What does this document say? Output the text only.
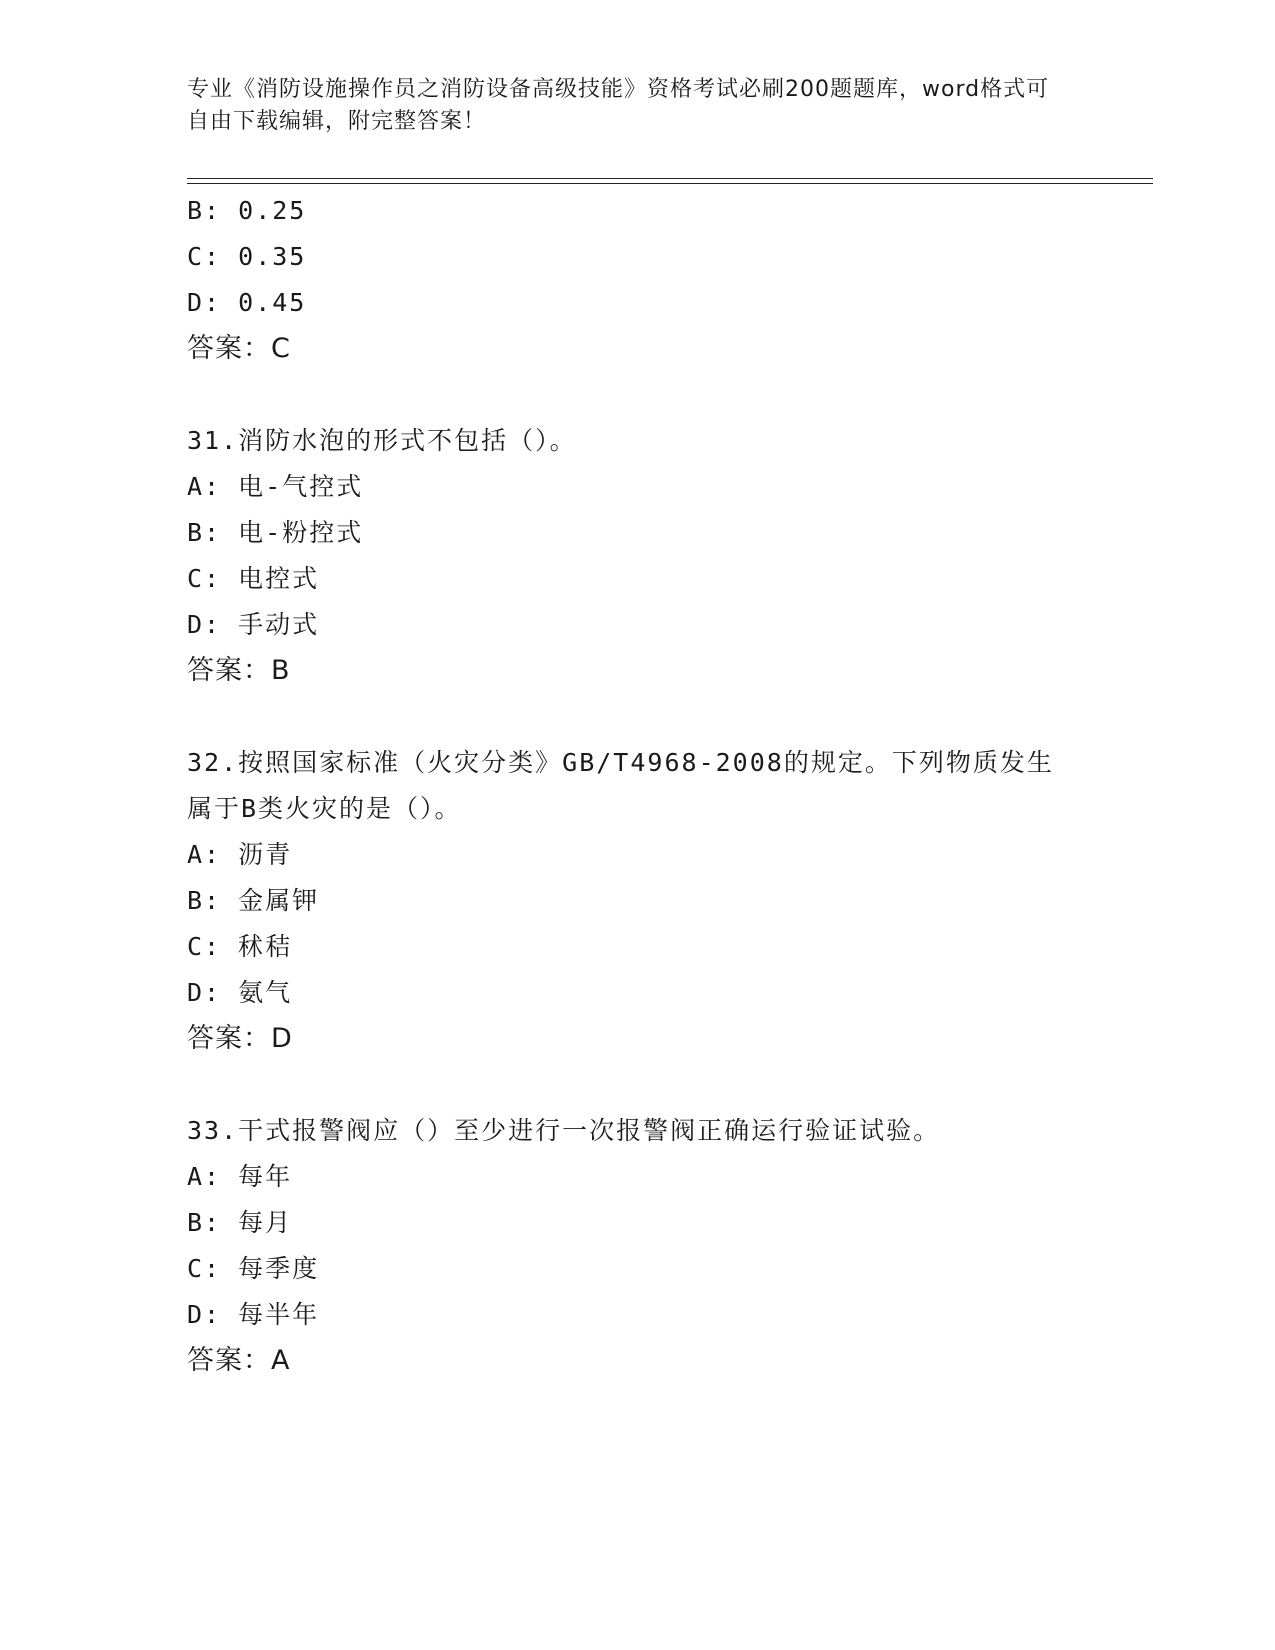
专业《消防设施操作员之消防设备高级技能》资格考试必刷200题题库，word格式可自由下载编辑，附完整答案！
B: 0.25
C: 0.35
D: 0.45
答案：C
31.消防水泡的形式不包括（）。
A: 电-气控式
B: 电-粉控式
C: 电控式
D: 手动式
答案：B
32.按照国家标准（火灾分类》GB/T4968-2008的规定。下列物质发生属于B类火灾的是（）。
A: 沥青
B: 金属钾
C: 秫秸
D: 氨气
答案：D
33.干式报警阀应（）至少进行一次报警阀正确运行验证试验。
A: 每年
B: 每月
C: 每季度
D: 每半年
答案：A
